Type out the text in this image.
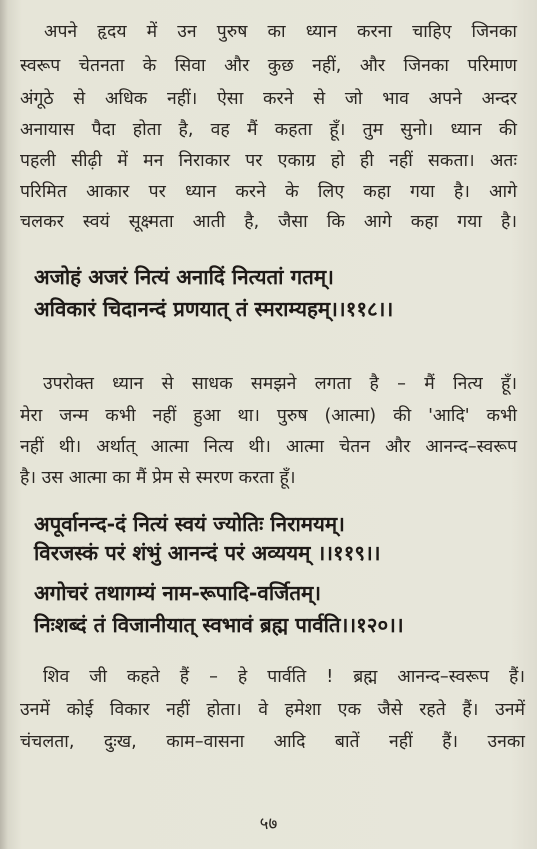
अपने हृदय में उन पुरुष का ध्यान करना चाहिए जिनका
स्वरूप चेतनता के सिवा और कुछ नहीं, और जिनका परिमाण
अंगूठे से अधिक नहीं। ऐसा करने से जो भाव अपने अन्दर
अनायास पैदा होता है, वह मैं कहता हूँ। तुम सुनो। ध्यान की
पहली सीढ़ी में मन निराकार पर एकाग्र हो ही नहीं सकता। अतः
परिमित आकार पर ध्यान करने के लिए कहा गया है। आगे
चलकर स्वयं सूक्ष्मता आती है, जैसा कि आगे कहा गया है।
अजोहं अजरं नित्यं अनादिं नित्यतां गतम्।
अविकारं चिदानन्दं प्रणयात् तं स्मराम्यहम्।।११८।।
उपरोक्त ध्यान से साधक समझने लगता है – मैं नित्य हूँ।
मेरा जन्म कभी नहीं हुआ था। पुरुष (आत्मा) की 'आदि' कभी
नहीं थी। अर्थात् आत्मा नित्य थी। आत्मा चेतन और आनन्द–स्वरूप
है। उस आत्मा का मैं प्रेम से स्मरण करता हूँ।
अपूर्वानन्द-दं नित्यं स्वयं ज्योतिः निरामयम्।
विरजस्कं परं शंभुं आनन्दं परं अव्ययम् ।।११९।।
अगोचरं तथागम्यं नाम-रूपादि-वर्जितम्।
निःशब्दं तं विजानीयात् स्वभावं ब्रह्म पार्वति।।१२०।।
शिव जी कहते हैं – हे पार्वति ! ब्रह्म आनन्द–स्वरूप हैं।
उनमें कोई विकार नहीं होता। वे हमेशा एक जैसे रहते हैं। उनमें
चंचलता, दुःख, काम–वासना आदि बातें नहीं हैं। उनका
५७
